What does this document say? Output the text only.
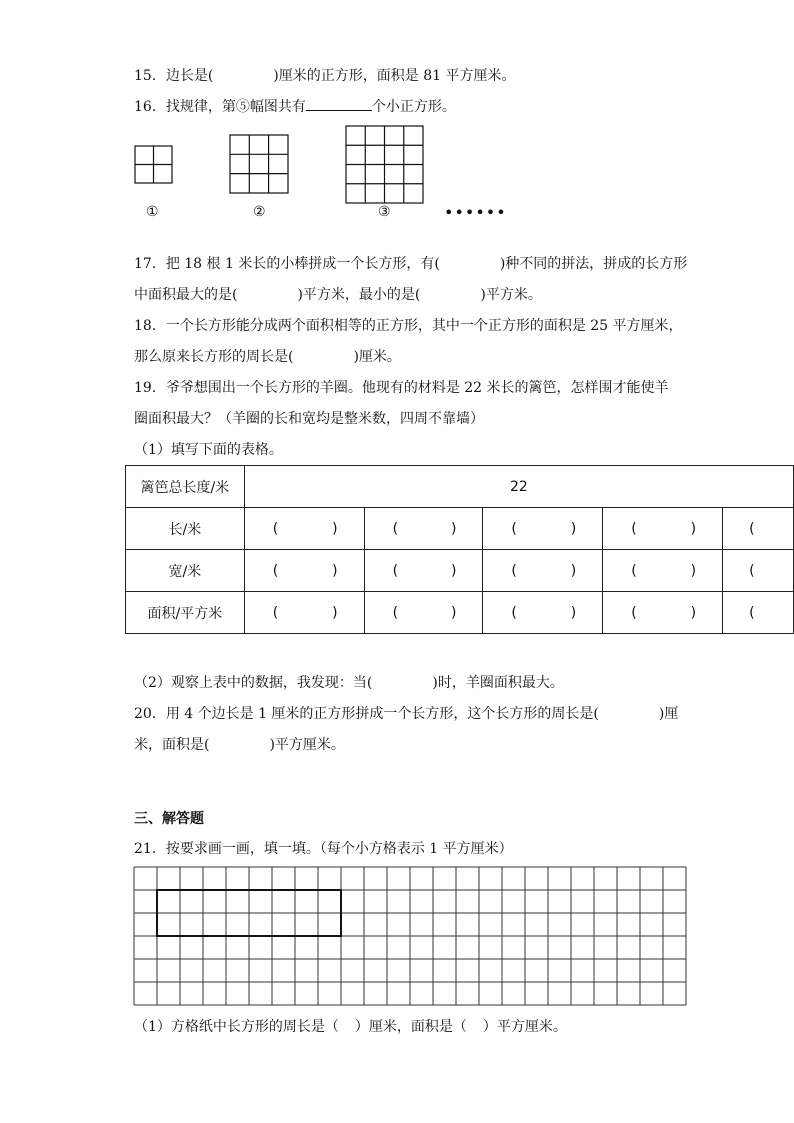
15．边长是(	)厘米的正方形，面积是 81 平方厘米。
16．找规律，第⑤幅图共有	个小正方形。
①	②	③	••••••
17．把 18 根 1 米长的小棒拼成一个长方形，有(	)种不同的拼法，拼成的长方形
中面积最大的是(	)平方米，最小的是(	)平方米。
18．一个长方形能分成两个面积相等的正方形，其中一个正方形的面积是 25 平方厘米，
那么原来长方形的周长是(	)厘米。
19．爷爷想围出一个长方形的羊圈。他现有的材料是 22 米长的篱笆，怎样围才能使羊
圈面积最大？（羊圈的长和宽均是整米数，四周不靠墙）
（1）填写下面的表格。
篱笆总长度/米	22				
长/米	( )	( )	( )	( )	(
宽/米	( )	( )	( )	( )	(
面积/平方米	( )	( )	( )	( )	(
（2）观察上表中的数据，我发现：当(	)时，羊圈面积最大。
20．用 4 个边长是 1 厘米的正方形拼成一个长方形，这个长方形的周长是(	)厘
米，面积是(	)平方厘米。
三、解答题
21．按要求画一画，填一填。（每个小方格表示 1 平方厘米）
（1）方格纸中长方形的周长是（ ）厘米，面积是（ ）平方厘米。
